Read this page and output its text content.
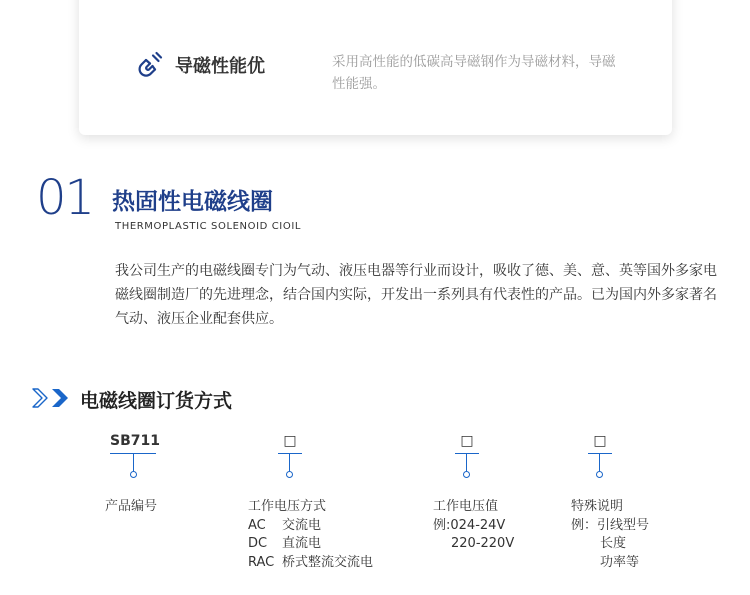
导磁性能优	采用高性能的低碳高导磁钢作为导磁材料，导磁性能强。
01 热固性电磁线圈
THERMOPLASTIC SOLENOID CIOIL
我公司生产的电磁线圈专门为气动、液压电器等行业而设计，吸收了德、美、意、英等国外多家电磁线圈制造厂的先进理念，结合国内实际，开发出一系列具有代表性的产品。已为国内外多家著名气动、液压企业配套供应。
电磁线圈订货方式
SB711
产品编号
□
工作电压方式
AC 交流电
DC 直流电
RAC 桥式整流交流电
□
工作电压值
例:024-24V
220-220V
□
特殊说明
例：引线型号
长度
功率等
